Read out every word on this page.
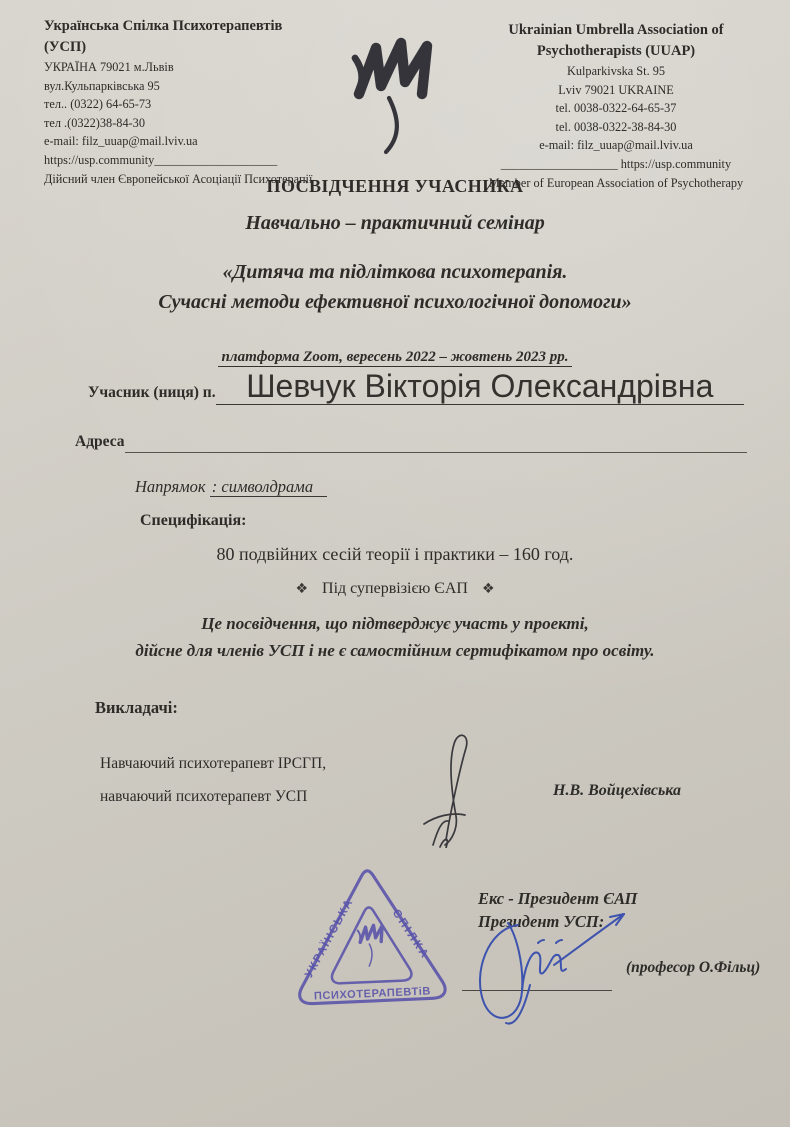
Українська Спілка Психотерапевтів
(УСП)
УКРАЇНА 79021 м.Львів
вул.Кульпарківська 95
тел.. (0322) 64-65-73
тел .(0322)38-84-30
e-mail: filz_uuap@mail.lviv.ua
https://usp.community____________________
Дійсний член Європейської Асоціації Психотерапії
Ukrainian Umbrella Association of
Psychotherapists (UUAP)
Kulparkivska St. 95
Lviv 79021 UKRAINE
tel. 0038-0322-64-65-37
tel. 0038-0322-38-84-30
e-mail: filz_uuap@mail.lviv.ua
___________________ https://usp.community
Member of European Association of Psychotherapy
ПОСВІДЧЕННЯ УЧАСНИКА
Навчально – практичний семінар
«Дитяча та підліткова психотерапія.
Сучасні методи ефективної психологічної допомоги»
платформа Zoom, вересень 2022 – жовтень 2023 рр.
Учасник (ниця) п. Шевчук Вікторія Олександрівна
Адреса
Напрямок : символдрама
Специфікація:
80 подвійних сесій теорії і практики – 160 год.
❖ Під супервізією ЄАП ❖
Це посвідчення, що підтверджує участь у проекті,
дійсне для членів УСП і не є самостійним сертифікатом про освіту.
Викладачі:
Навчаючий психотерапевт ІРСГП,
навчаючий психотерапевт УСП	Н.В. Войцехівська
УКРАЇНСЬКА	СПІЛКА
ПСИХОТЕРАПЕВТіВ
Екс - Президент ЄАП
Президент УСП:
(професор О.Фільц)
